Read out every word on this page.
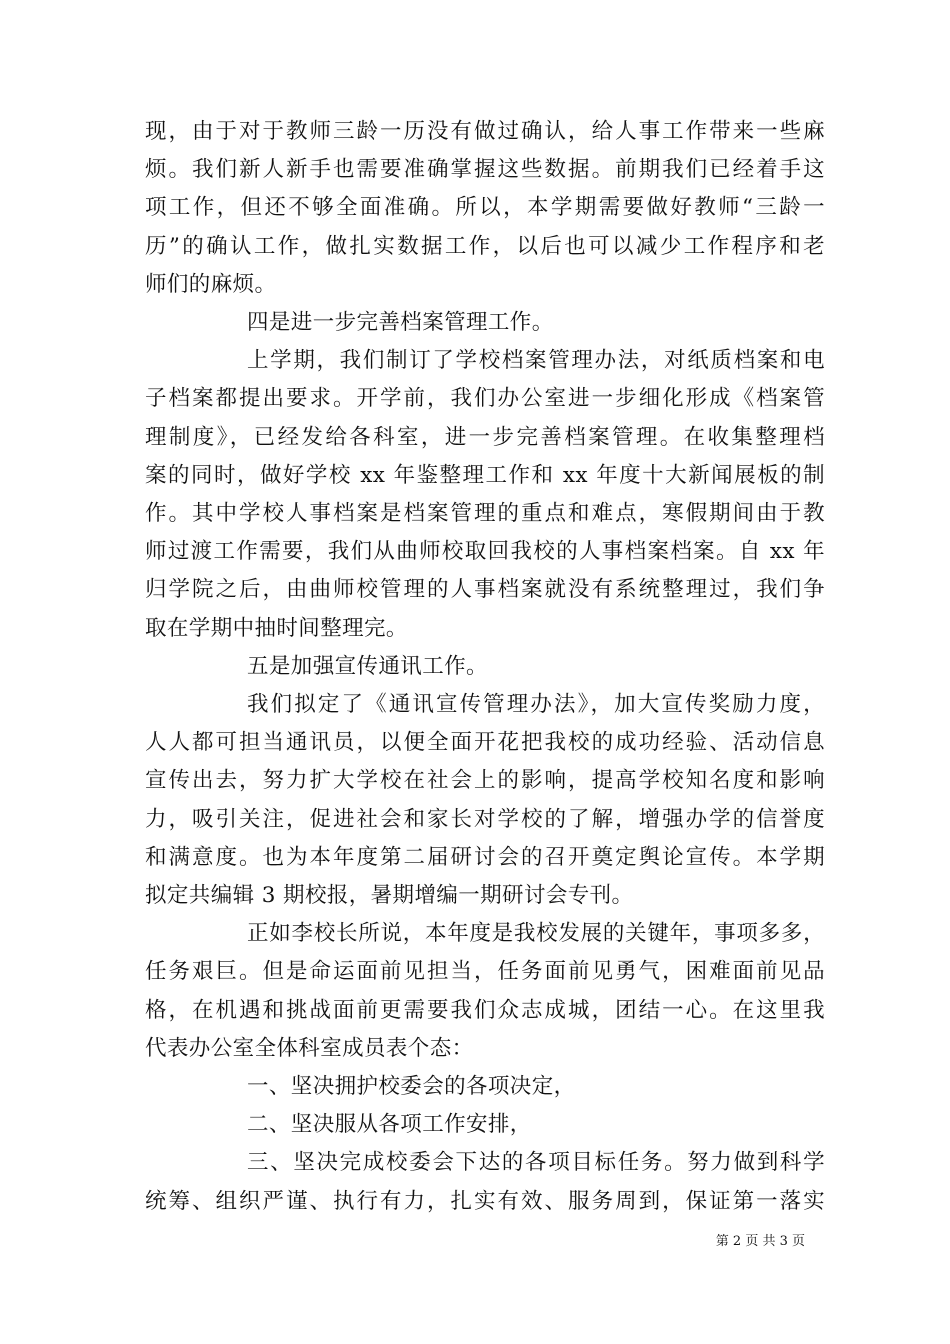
现，由于对于教师三龄一历没有做过确认，给人事工作带来一些麻
烦。我们新人新手也需要准确掌握这些数据。前期我们已经着手这
项工作，但还不够全面准确。所以，本学期需要做好教师“三龄一
历”的确认工作，做扎实数据工作，以后也可以减少工作程序和老
师们的麻烦。
四是进一步完善档案管理工作。
上学期，我们制订了学校档案管理办法，对纸质档案和电
子档案都提出要求。开学前，我们办公室进一步细化形成《档案管
理制度》，已经发给各科室，进一步完善档案管理。在收集整理档
案的同时，做好学校 xx 年鉴整理工作和 xx 年度十大新闻展板的制
作。其中学校人事档案是档案管理的重点和难点，寒假期间由于教
师过渡工作需要，我们从曲师校取回我校的人事档案档案。自 xx 年
归学院之后，由曲师校管理的人事档案就没有系统整理过，我们争
取在学期中抽时间整理完。
五是加强宣传通讯工作。
我们拟定了《通讯宣传管理办法》，加大宣传奖励力度，
人人都可担当通讯员，以便全面开花把我校的成功经验、活动信息
宣传出去，努力扩大学校在社会上的影响，提高学校知名度和影响
力，吸引关注，促进社会和家长对学校的了解，增强办学的信誉度
和满意度。也为本年度第二届研讨会的召开奠定舆论宣传。本学期
拟定共编辑 3 期校报，暑期增编一期研讨会专刊。
正如李校长所说，本年度是我校发展的关键年，事项多多，
任务艰巨。但是命运面前见担当，任务面前见勇气，困难面前见品
格，在机遇和挑战面前更需要我们众志成城，团结一心。在这里我
代表办公室全体科室成员表个态：
一、坚决拥护校委会的各项决定，
二、坚决服从各项工作安排，
三、坚决完成校委会下达的各项目标任务。努力做到科学
统筹、组织严谨、执行有力，扎实有效、服务周到，保证第一落实
第 2 页 共 3 页
